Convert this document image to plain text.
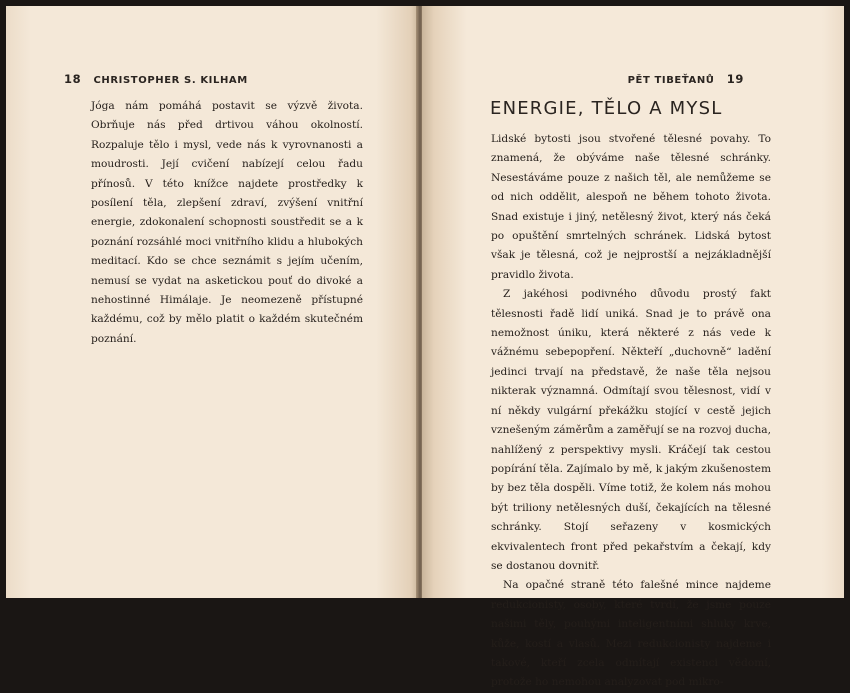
18 CHRISTOPHER S. KILHAM

Jóga nám pomáhá postavit se výzvě života. Obrňuje nás před drtivou váhou okolností. Rozpaluje tělo i mysl, vede nás k vyrovnanosti a moudrosti. Její cvičení nabízejí celou řadu přínosů. V této knížce najdete prostředky k posílení těla, zlepšení zdraví, zvýšení vnitřní energie, zdokonalení schopnosti soustředit se a k poznání rozsáhlé moci vnitřního klidu a hlubokých meditací. Kdo se chce seznámit s jejím učením, nemusí se vydat na asketickou pouť do divoké a nehostinné Himálaje. Je neomezeně přístupné každému, což by mělo platit o každém skutečném poznání.

PĚT TIBEŤANŮ 19
ENERGIE, TĚLO A MYSL

Lidské bytosti jsou stvořené tělesné povahy. To znamená, že obýváme naše tělesné schránky. Nesestáváme pouze z našich těl, ale nemůžeme se od nich oddělit, alespoň ne během tohoto života. Snad existuje i jiný, netělesný život, který nás čeká po opuštění smrtelných schránek. Lidská bytost však je tělesná, což je nejprostší a nejzákladnější pravidlo života.

Z jakéhosi podivného důvodu prostý fakt tělesnosti řadě lidí uniká. Snad je to právě ona nemožnost úniku, která některé z nás vede k vážnému sebepopření. Někteří „duchovně“ ladění jedinci trvají na představě, že naše těla nejsou nikterak významná. Odmítají svou tělesnost, vidí v ní někdy vulgární překážku stojící v cestě jejich vznešeným záměrům a zaměřují se na rozvoj ducha, nahlížený z perspektivy mysli. Kráčejí tak cestou popírání těla. Zajímalo by mě, k jakým zkušenostem by bez těla dospěli. Víme totiž, že kolem nás mohou být triliony netělesných duší, čekajících na tělesné schránky. Stojí seřazeny v kosmických ekvivalentech front před pekařstvím a čekají, kdy se dostanou dovnitř.

Na opačné straně této falešné mince najdeme redukcionisty, osoby, které tvrdí, že jsme pouze našimi těly, pouhými inteligentními shluky krve, kůže, kostí a vlasů. Mezi redukcionisty najdeme i takové, kteří zcela odmítají existenci vědomí, protože ho nemohou analyzovat pod mikro-
